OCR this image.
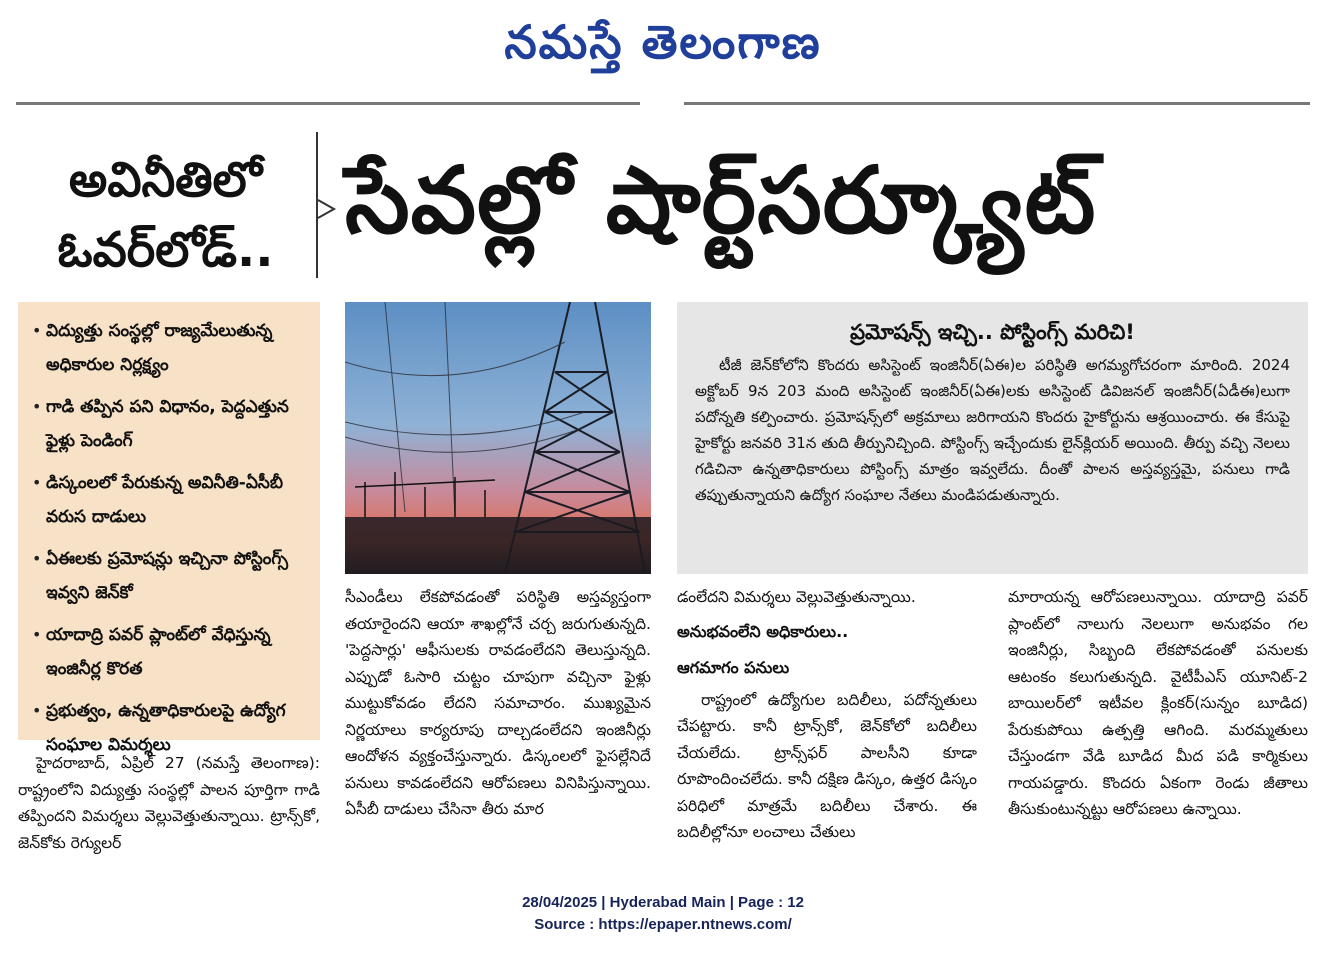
నమస్తే తెలంగాణ
అవినీతిలో ఓవర్‌లోడ్.. సేవల్లో షార్ట్‌సర్క్యూట్
• విద్యుత్తు సంస్థల్లో రాజ్యమేలుతున్న అధికారుల నిర్లక్ష్యం
• గాడి తప్పిన పని విధానం, పెద్దఎత్తున ఫైళ్లు పెండింగ్
• డిస్కంలలో పేరుకున్న అవినీతి-ఏసీబీ వరుస దాడులు
• ఏఈలకు ప్రమోషన్లు ఇచ్చినా పోస్టింగ్స్ ఇవ్వని జెన్‌కో
• యాదాద్రి పవర్ ప్లాంట్‌లో వేధిస్తున్న ఇంజినీర్ల కొరత
• ప్రభుత్వం, ఉన్నతాధికారులపై ఉద్యోగ సంఘాల విమర్శలు
ప్రమోషన్స్ ఇచ్చి.. పోస్టింగ్స్ మరిచి!
టీజీ జెన్‌కోలోని కొందరు అసిస్టెంట్ ఇంజినీర్(ఏఈ)ల పరిస్థితి అగమ్యగోచరంగా మారింది. 2024 అక్టోబర్ 9న 203 మంది అసిస్టెంట్ ఇంజినీర్(ఏఈ)లకు అసిస్టెంట్ డివిజనల్ ఇంజినీర్(ఏడీఈ)లుగా పదోన్నతి కల్పించారు. ప్రమోషన్స్‌లో అక్రమాలు జరిగాయని కొందరు హైకోర్టును ఆశ్రయించారు. ఈ కేసుపై హైకోర్టు జనవరి 31న తుది తీర్పునిచ్చింది. పోస్టింగ్స్ ఇచ్చేందుకు లైన్‌క్లియర్ అయింది. తీర్పు వచ్చి నెలలు గడిచినా ఉన్నతాధికారులు పోస్టింగ్స్ మాత్రం ఇవ్వలేదు. దీంతో పాలన అస్తవ్యస్తమై, పనులు గాడి తప్పుతున్నాయని ఉద్యోగ సంఘాల నేతలు మండిపడుతున్నారు.
హైదరాబాద్, ఏప్రిల్ 27 (నమస్తే తెలంగాణ): రాష్ట్రంలోని విద్యుత్తు సంస్థల్లో పాలన పూర్తిగా గాడి తప్పిందని విమర్శలు వెల్లువెత్తుతున్నాయి. ట్రాన్స్‌కో, జెన్‌కోకు రెగ్యులర్
సీఎండీలు లేకపోవడంతో పరిస్థితి అస్తవ్యస్తంగా తయారైందని ఆయా శాఖల్లోనే చర్చ జరుగుతున్నది. 'పెద్దసార్లు' ఆఫీసులకు రావడంలేదని తెలుస్తున్నది. ఎప్పుడో ఓసారి చుట్టం చూపుగా వచ్చినా ఫైళ్లు ముట్టుకోవడం లేదని సమాచారం. ముఖ్యమైన నిర్ణయాలు కార్యరూపు దాల్చడంలేదని ఇంజినీర్లు ఆందోళన వ్యక్తంచేస్తున్నారు. డిస్కంలలో ఫైసల్లేనిదే పనులు కావడంలేదని ఆరోపణలు వినిపిస్తున్నాయి. ఏసీబీ దాడులు చేసినా తీరు మార
డంలేదని విమర్శలు వెల్లువెత్తుతున్నాయి.
అనుభవంలేని అధికారులు..
ఆగమాగం పనులు
రాష్ట్రంలో ఉద్యోగుల బదిలీలు, పదోన్నతులు చేపట్టారు. కానీ ట్రాన్స్‌కో, జెన్‌కోలో బదిలీలు చేయలేదు. ట్రాన్స్‌ఫర్ పాలసీని కూడా రూపొందించలేదు. కానీ దక్షిణ డిస్కం, ఉత్తర డిస్కం పరిధిలో మాత్రమే బదిలీలు చేశారు. ఈ బదిలీల్లోనూ లంచాలు చేతులు
మారాయన్న ఆరోపణలున్నాయి. యాదాద్రి పవర్ ప్లాంట్‌లో నాలుగు నెలలుగా అనుభవం గల ఇంజినీర్లు, సిబ్బంది లేకపోవడంతో పనులకు ఆటంకం కలుగుతున్నది. వైటీపీఎస్ యూనిట్-2 బాయిలర్‌లో ఇటీవల క్లింకర్(సున్నం బూడిద) పేరుకుపోయి ఉత్పత్తి ఆగింది. మరమ్మతులు చేస్తుండగా వేడి బూడిద మీద పడి కార్మికులు గాయపడ్డారు. కొందరు ఏకంగా రెండు జీతాలు తీసుకుంటున్నట్టు ఆరోపణలు ఉన్నాయి.
28/04/2025 | Hyderabad Main | Page : 12
Source : https://epaper.ntnews.com/
